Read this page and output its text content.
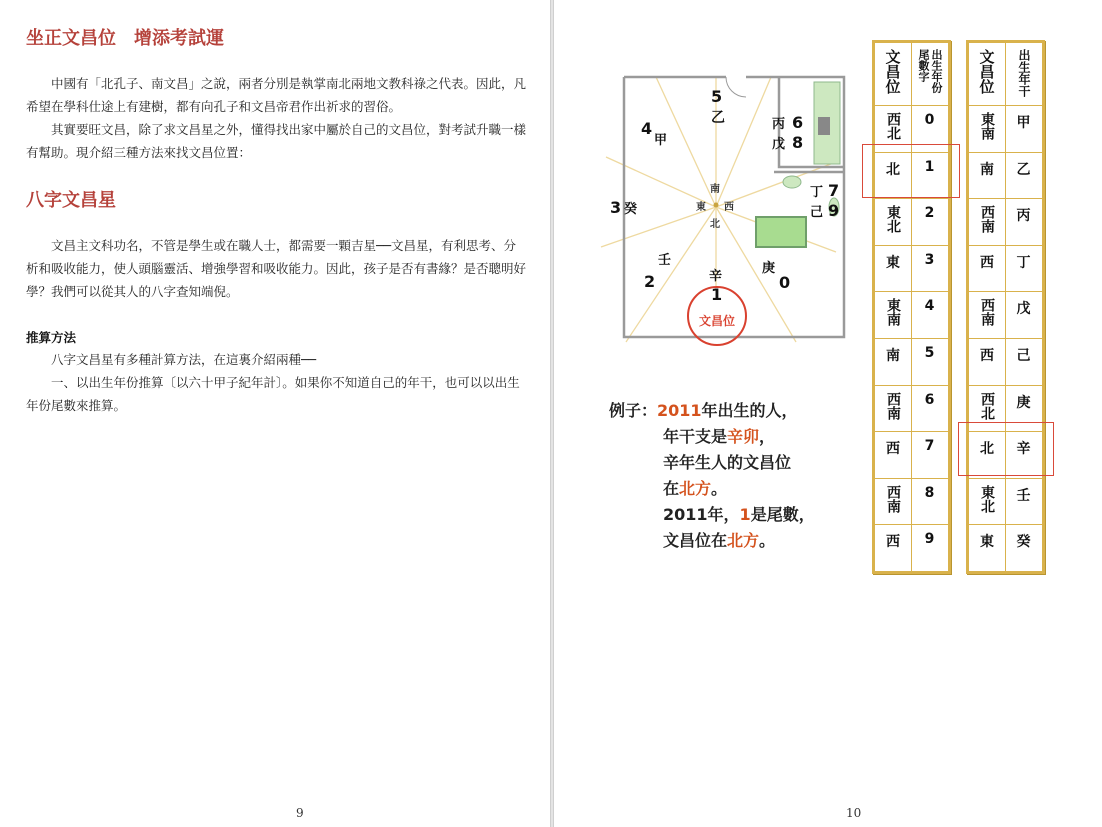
坐正文昌位　增添考試運

中國有「北孔子、南文昌」之說，兩者分別是執掌南北兩地文教科祿之代表。因此，凡希望在學科仕途上有建樹，都有向孔子和文昌帝君作出祈求的習俗。

其實要旺文昌，除了求文昌星之外，懂得找出家中屬於自己的文昌位，對考試升職一樣有幫助。現介紹三種方法來找文昌位置：

八字文昌星

文昌主文科功名，不管是學生或在職人士，都需要一顆吉星──文昌星，有利思考、分析和吸收能力，使人頭腦靈活、增強學習和吸收能力。因此，孩子是否有書緣？是否聰明好學？我們可以從其人的八字查知端倪。

推算方法

八字文昌星有多種計算方法，在這裏介紹兩種──

一、以出生年份推算〔以六十甲子紀年計〕。如果你不知道自己的年干，也可以以出生年份尾數來推算。

9
南
東 西
北
5
乙
4
甲
6
丙
8
戊
3 癸
7
丁
9
己
2
壬
1
辛	0
庚
文昌位
例子：2011年出生的人，
年干支是辛卯，
辛年生人的文昌位
在北方。
2011年，1是尾數，
文昌位在北方。
文昌位	出生年份尾數字
西北 0
北 1
東北 2
東 3
東南 4
南 5
西南 6
西 7
西南 8
西 9
文昌位 出生年干
東南 甲
南 乙
西南 丙
西 丁
西南 戊
西 己
西北 庚
北 辛
東北 壬
東 癸
10
